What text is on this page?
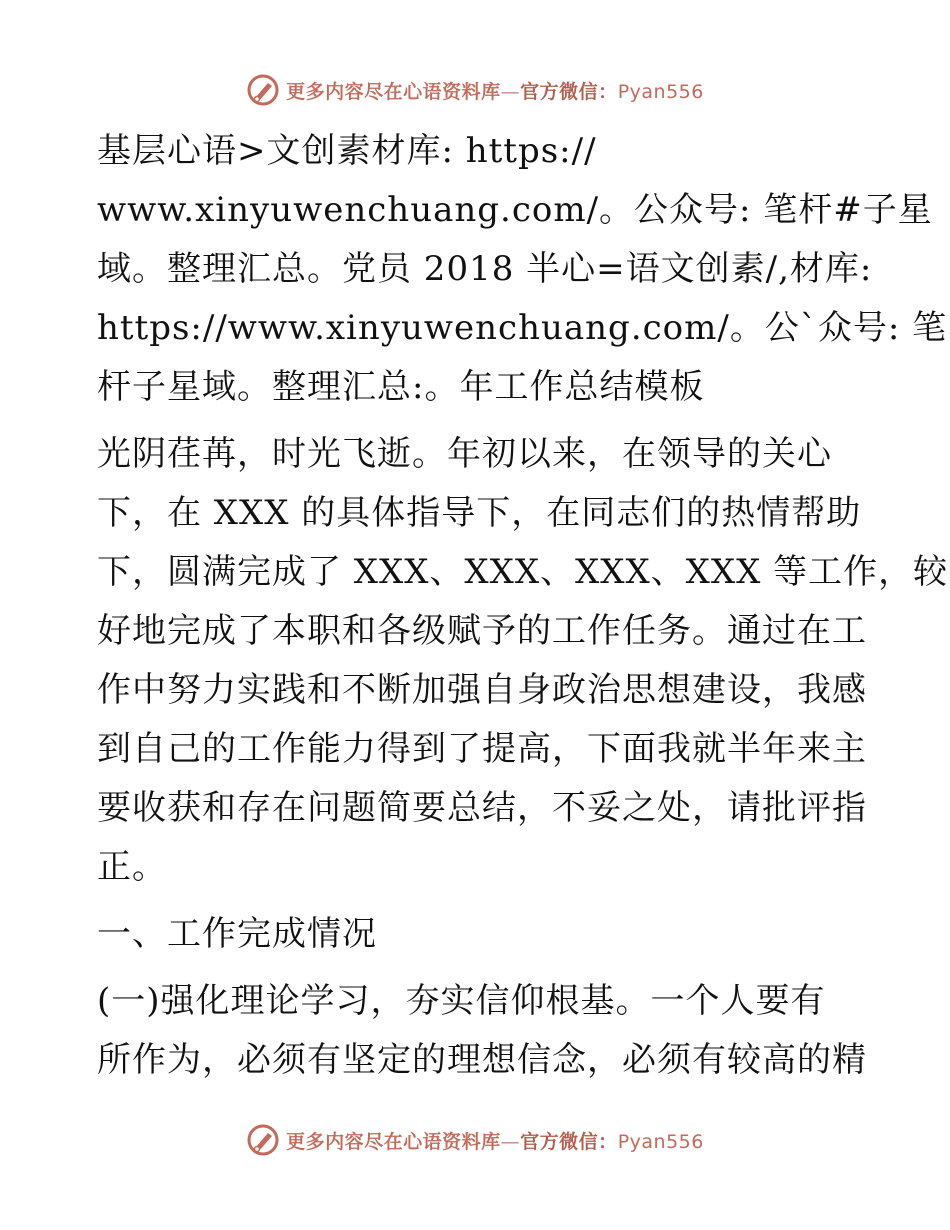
更多内容尽在心语资料库—官方微信：Pyan556

基层心语>文创素材库: https://
www.xinyuwenchuang.com/。公众号: 笔杆#子星
域。整理汇总。党员 2018 半心=语文创素/,材库:
https://www.xinyuwenchuang.com/。公`众号: 笔
杆子星域。整理汇总:。年工作总结模板

光阴荏苒，时光飞逝。年初以来，在领导的关心
下，在 XXX 的具体指导下，在同志们的热情帮助
下，圆满完成了 XXX、XXX、XXX、XXX 等工作，较
好地完成了本职和各级赋予的工作任务。通过在工
作中努力实践和不断加强自身政治思想建设，我感
到自己的工作能力得到了提高，下面我就半年来主
要收获和存在问题简要总结，不妥之处，请批评指
正。

一、工作完成情况

(一)强化理论学习，夯实信仰根基。一个人要有
所作为，必须有坚定的理想信念，必须有较高的精

更多内容尽在心语资料库—官方微信：Pyan556
